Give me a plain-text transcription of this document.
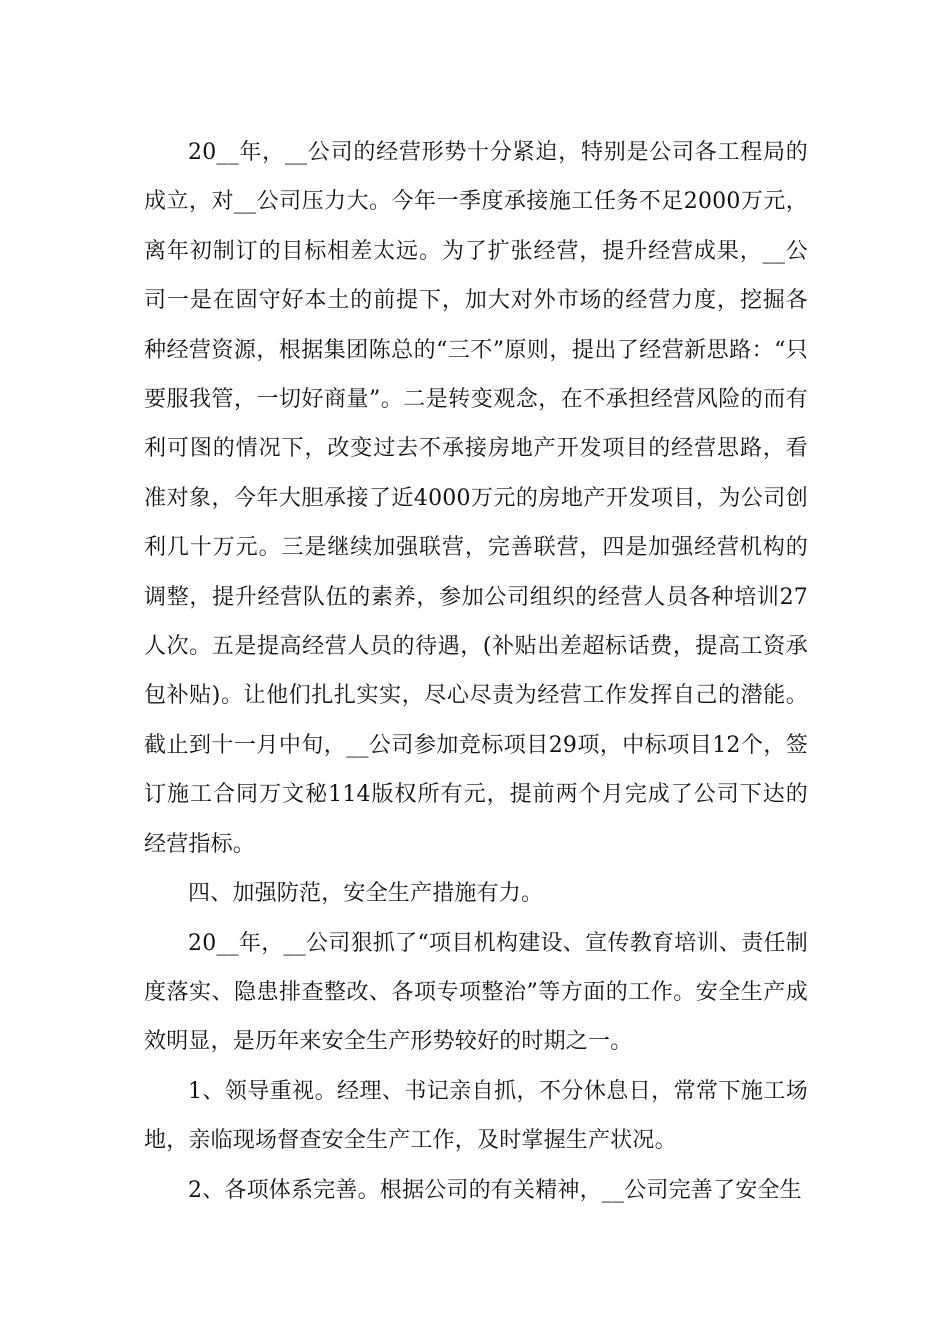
20__年，__公司的经营形势十分紧迫，特别是公司各工程局的成立，对__公司压力大。今年一季度承接施工任务不足2000万元，离年初制订的目标相差太远。为了扩张经营，提升经营成果，__公司一是在固守好本土的前提下，加大对外市场的经营力度，挖掘各种经营资源，根据集团陈总的“三不”原则，提出了经营新思路：“只要服我管，一切好商量”。二是转变观念，在不承担经营风险的而有利可图的情况下，改变过去不承接房地产开发项目的经营思路，看准对象，今年大胆承接了近4000万元的房地产开发项目，为公司创利几十万元。三是继续加强联营，完善联营，四是加强经营机构的调整，提升经营队伍的素养，参加公司组织的经营人员各种培训27人次。五是提高经营人员的待遇，(补贴出差超标话费，提高工资承包补贴)。让他们扎扎实实，尽心尽责为经营工作发挥自己的潜能。截止到十一月中旬，__公司参加竞标项目29项，中标项目12个，签订施工合同万文秘114版权所有元，提前两个月完成了公司下达的经营指标。

四、加强防范，安全生产措施有力。

20__年，__公司狠抓了“项目机构建设、宣传教育培训、责任制度落实、隐患排查整改、各项专项整治”等方面的工作。安全生产成效明显，是历年来安全生产形势较好的时期之一。

1、领导重视。经理、书记亲自抓，不分休息日，常常下施工场地，亲临现场督查安全生产工作，及时掌握生产状况。

2、各项体系完善。根据公司的有关精神，__公司完善了安全生
